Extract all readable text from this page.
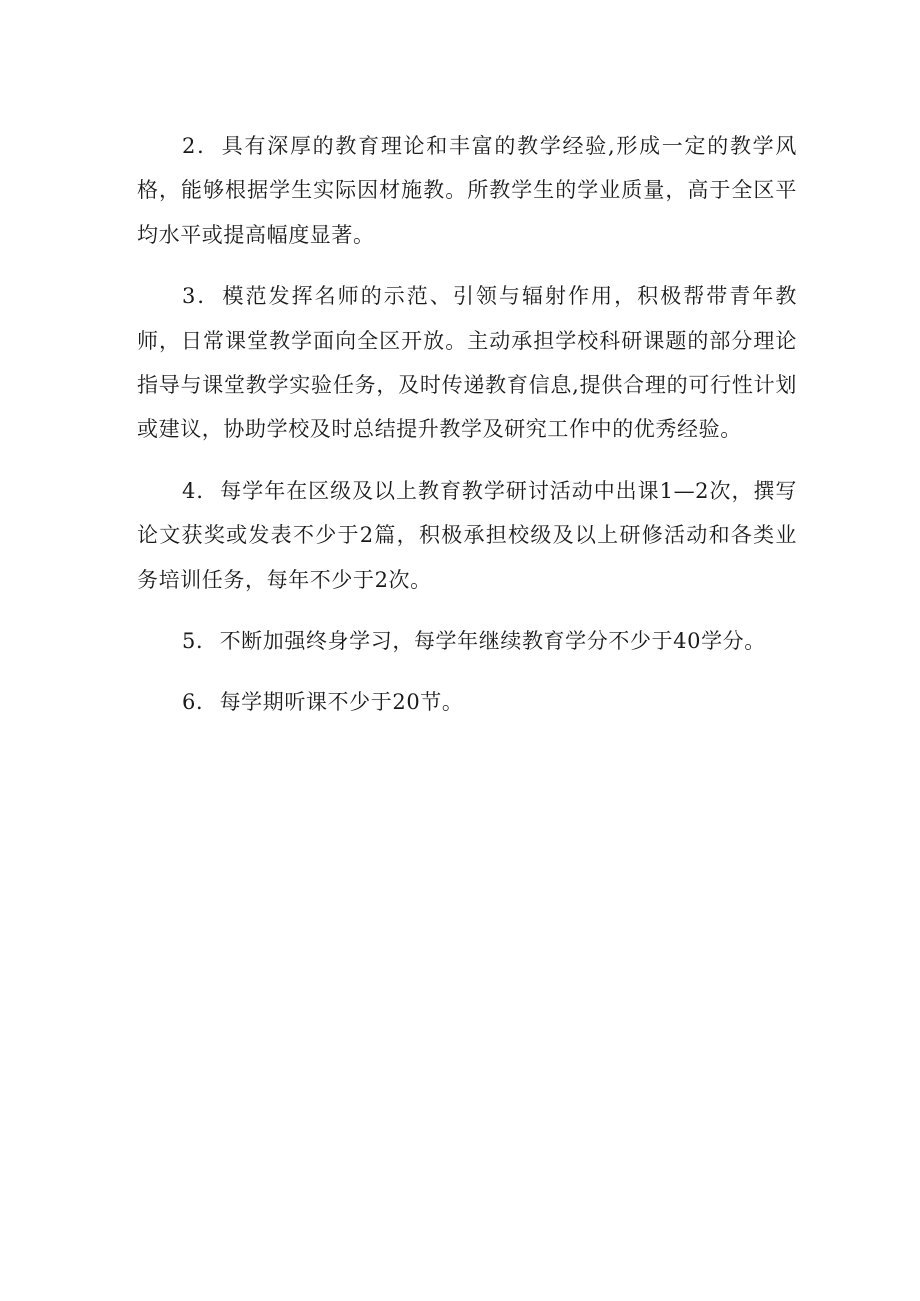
2．具有深厚的教育理论和丰富的教学经验,形成一定的教学风格，能够根据学生实际因材施教。所教学生的学业质量，高于全区平均水平或提高幅度显著。

3．模范发挥名师的示范、引领与辐射作用，积极帮带青年教师，日常课堂教学面向全区开放。主动承担学校科研课题的部分理论指导与课堂教学实验任务，及时传递教育信息,提供合理的可行性计划或建议，协助学校及时总结提升教学及研究工作中的优秀经验。

4．每学年在区级及以上教育教学研讨活动中出课1—2次，撰写论文获奖或发表不少于2篇，积极承担校级及以上研修活动和各类业务培训任务，每年不少于2次。

5．不断加强终身学习，每学年继续教育学分不少于40学分。

6．每学期听课不少于20节。
